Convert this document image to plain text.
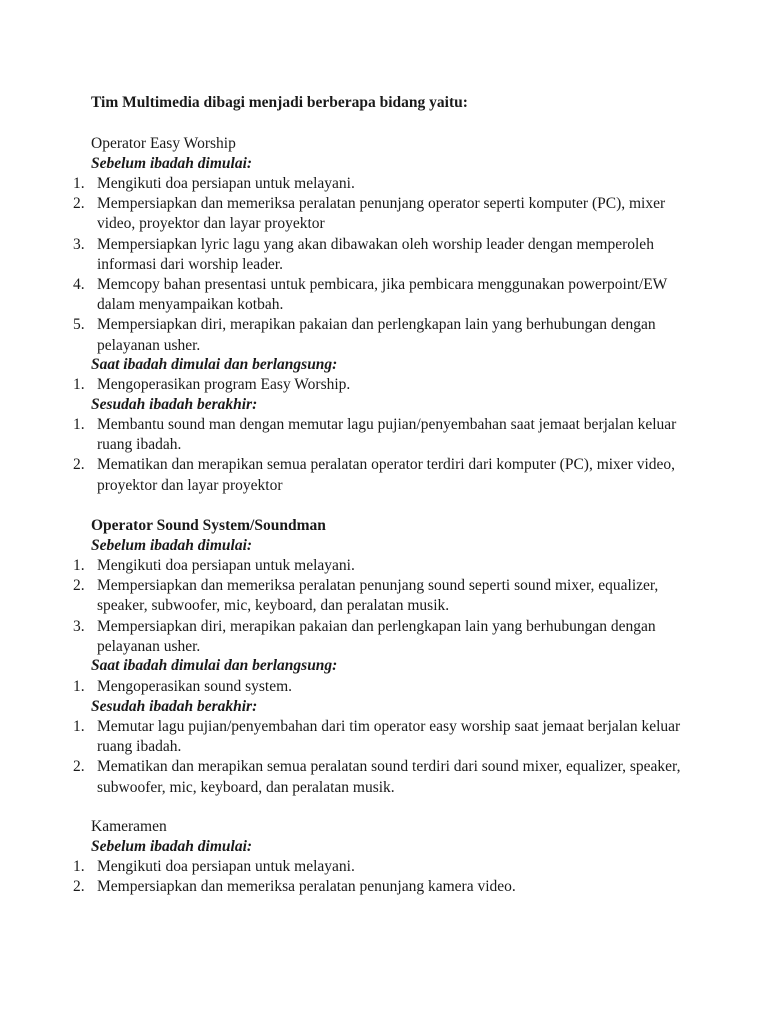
Tim Multimedia dibagi menjadi berberapa bidang yaitu:
Operator Easy Worship
Sebelum ibadah dimulai:
1. Mengikuti doa persiapan untuk melayani.
2. Mempersiapkan dan memeriksa peralatan penunjang operator seperti komputer (PC), mixer video, proyektor dan layar proyektor
3. Mempersiapkan lyric lagu yang akan dibawakan oleh worship leader dengan memperoleh informasi dari worship leader.
4. Memcopy bahan presentasi untuk pembicara, jika pembicara menggunakan powerpoint/EW dalam menyampaikan kotbah.
5. Mempersiapkan diri, merapikan pakaian dan perlengkapan lain yang berhubungan dengan pelayanan usher.
Saat ibadah dimulai dan berlangsung:
1. Mengoperasikan program Easy Worship.
Sesudah ibadah berakhir:
1. Membantu sound man dengan memutar lagu pujian/penyembahan saat jemaat berjalan keluar ruang ibadah.
2. Mematikan dan merapikan semua peralatan operator terdiri dari komputer (PC), mixer video, proyektor dan layar proyektor
Operator Sound System/Soundman
Sebelum ibadah dimulai:
1. Mengikuti doa persiapan untuk melayani.
2. Mempersiapkan dan memeriksa peralatan penunjang sound seperti sound mixer, equalizer, speaker, subwoofer, mic, keyboard, dan peralatan musik.
3. Mempersiapkan diri, merapikan pakaian dan perlengkapan lain yang berhubungan dengan pelayanan usher.
Saat ibadah dimulai dan berlangsung:
1. Mengoperasikan sound system.
Sesudah ibadah berakhir:
1. Memutar lagu pujian/penyembahan dari tim operator easy worship saat jemaat berjalan keluar ruang ibadah.
2. Mematikan dan merapikan semua peralatan sound terdiri dari sound mixer, equalizer, speaker, subwoofer, mic, keyboard, dan peralatan musik.
Kameramen
Sebelum ibadah dimulai:
1. Mengikuti doa persiapan untuk melayani.
2. Mempersiapkan dan memeriksa peralatan penunjang kamera video.
